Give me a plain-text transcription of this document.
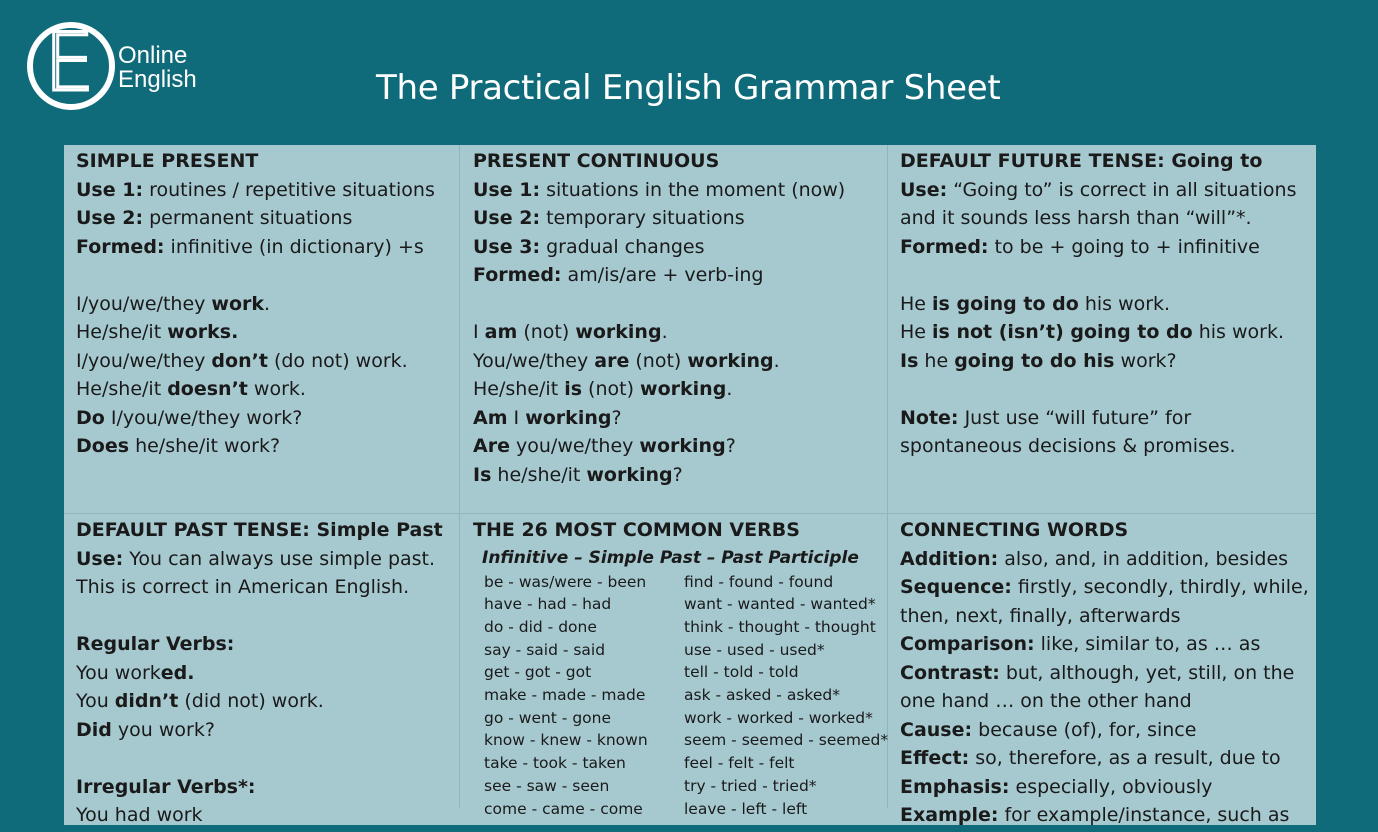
E Online
English	The Practical English Grammar Sheet
SIMPLE PRESENT
Use 1: routines / repetitive situations
Use 2: permanent situations
Formed: infinitive (in dictionary) +s
I/you/we/they work.
He/she/it works.
I/you/we/they don’t (do not) work.
He/she/it doesn’t work.
Do I/you/we/they work?
Does he/she/it work?
PRESENT CONTINUOUS
Use 1: situations in the moment (now)
Use 2: temporary situations
Use 3: gradual changes
Formed: am/is/are + verb-ing
I am (not) working.
You/we/they are (not) working.
He/she/it is (not) working.
Am I working?
Are you/we/they working?
Is he/she/it working?
DEFAULT FUTURE TENSE: Going to
Use: “Going to” is correct in all situations
and it sounds less harsh than “will”*.
Formed: to be + going to + infinitive
He is going to do his work.
He is not (isn’t) going to do his work.
Is he going to do his work?
Note: Just use “will future” for
spontaneous decisions & promises.
DEFAULT PAST TENSE: Simple Past
Use: You can always use simple past.
This is correct in American English.
Regular Verbs:
You worked.
You didn’t (did not) work.
Did you work?
Irregular Verbs*:
You had work
THE 26 MOST COMMON VERBS
Infinitive – Simple Past – Past Participle
be - was/were - been
have - had - had
do - did - done
say - said - said
get - got - got
make - made - made
go - went - gone
know - knew - known
take - took - taken
see - saw - seen
come - came - come
find - found - found
want - wanted - wanted*
think - thought - thought
use - used - used*
tell - told - told
ask - asked - asked*
work - worked - worked*
seem - seemed - seemed*
feel - felt - felt
try - tried - tried*
leave - left - left
CONNECTING WORDS
Addition: also, and, in addition, besides
Sequence: firstly, secondly, thirdly, while,
then, next, finally, afterwards
Comparison: like, similar to, as … as
Contrast: but, although, yet, still, on the
one hand … on the other hand
Cause: because (of), for, since
Effect: so, therefore, as a result, due to
Emphasis: especially, obviously
Example: for example/instance, such as
